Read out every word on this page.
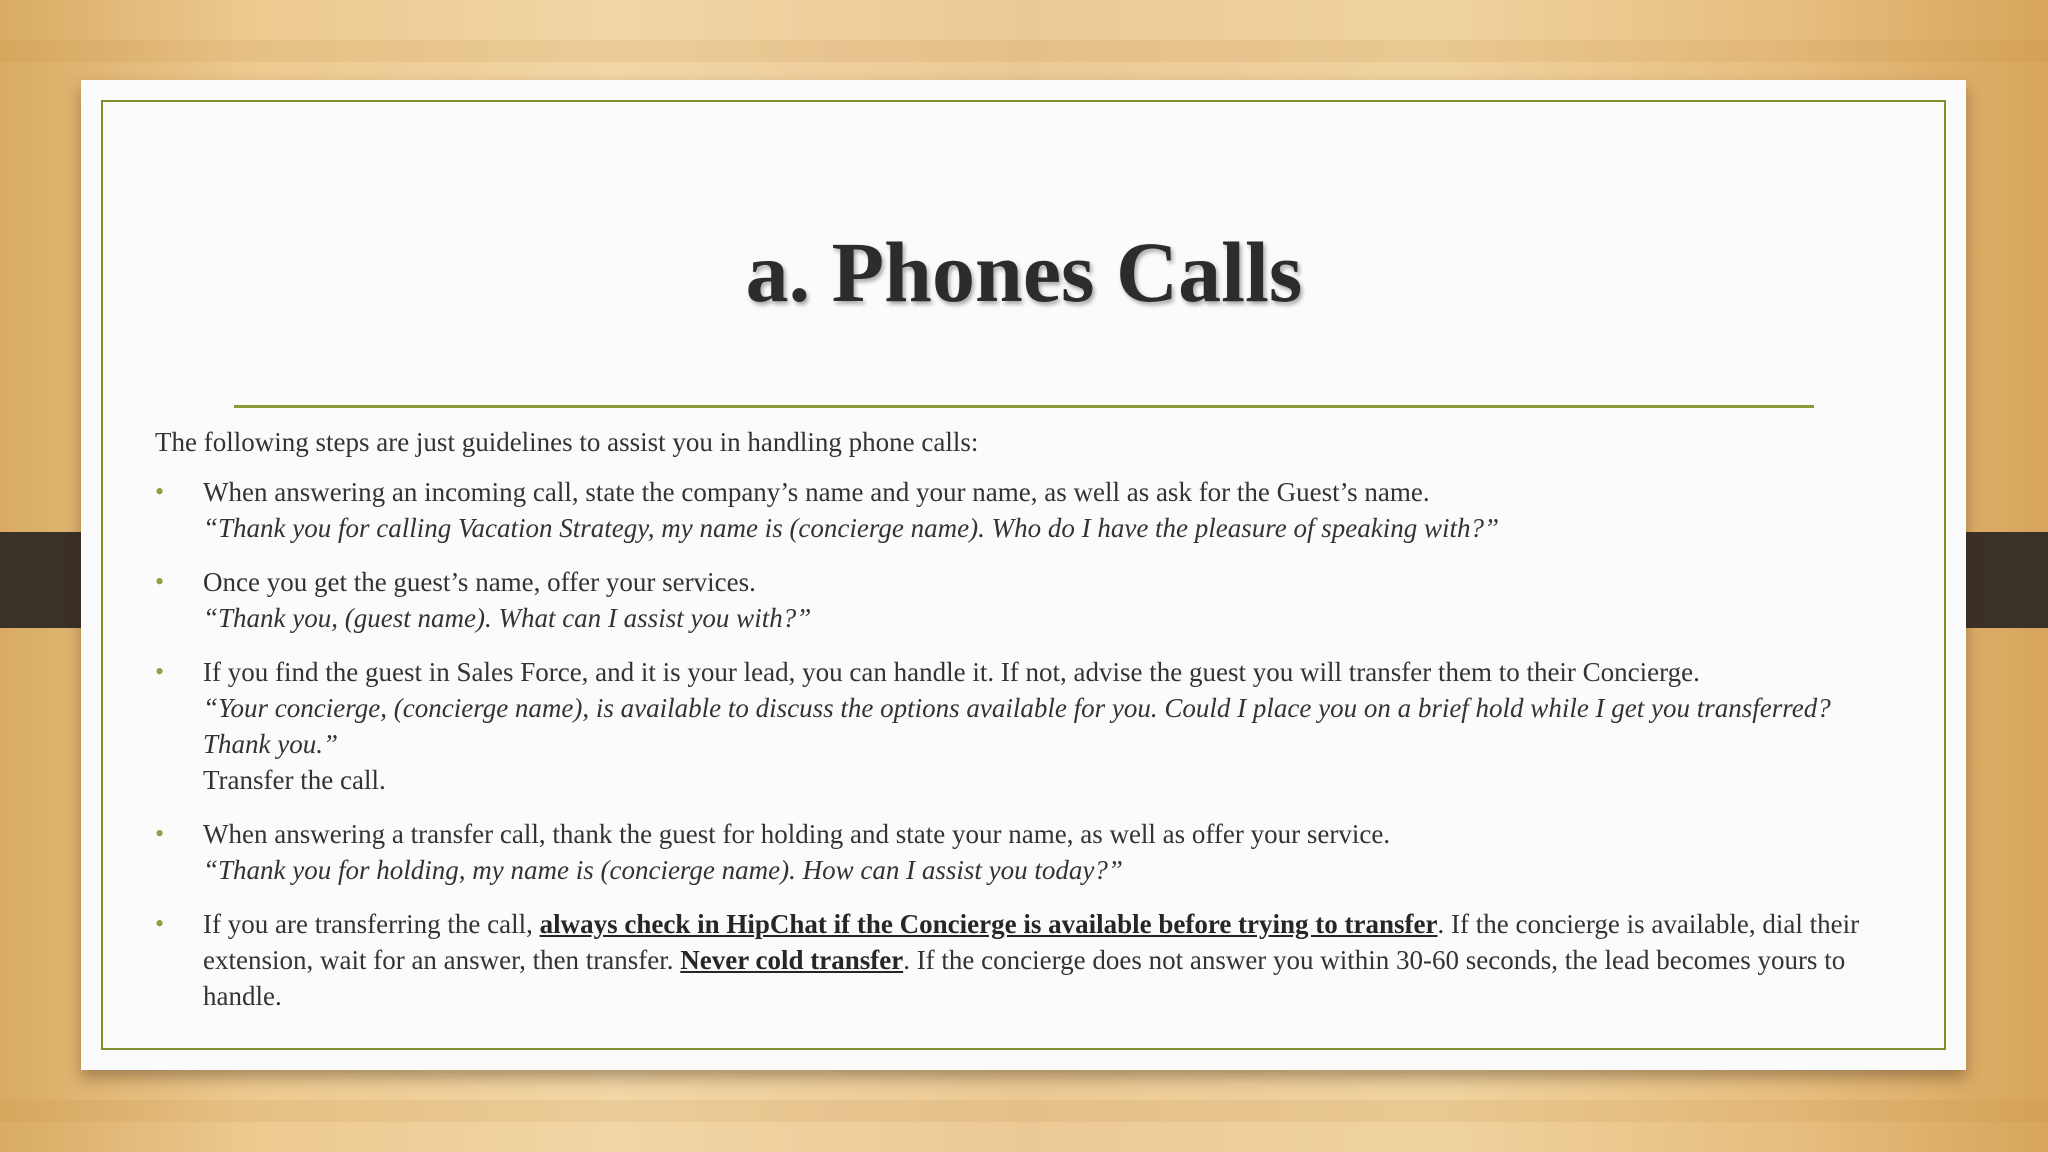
a. Phones Calls

The following steps are just guidelines to assist you in handling phone calls:

• When answering an incoming call, state the company’s name and your name, as well as ask for the Guest’s name.
“Thank you for calling Vacation Strategy, my name is (concierge name). Who do I have the pleasure of speaking with?”
• Once you get the guest’s name, offer your services.
“Thank you, (guest name). What can I assist you with?”
• If you find the guest in Sales Force, and it is your lead, you can handle it. If not, advise the guest you will transfer them to their Concierge.
“Your concierge, (concierge name), is available to discuss the options available for you. Could I place you on a brief hold while I get you transferred? Thank you.”
Transfer the call.
• When answering a transfer call, thank the guest for holding and state your name, as well as offer your service.
“Thank you for holding, my name is (concierge name). How can I assist you today?”
• If you are transferring the call, always check in HipChat if the Concierge is available before trying to transfer. If the concierge is available, dial their extension, wait for an answer, then transfer. Never cold transfer. If the concierge does not answer you within 30-60 seconds, the lead becomes yours to handle.
